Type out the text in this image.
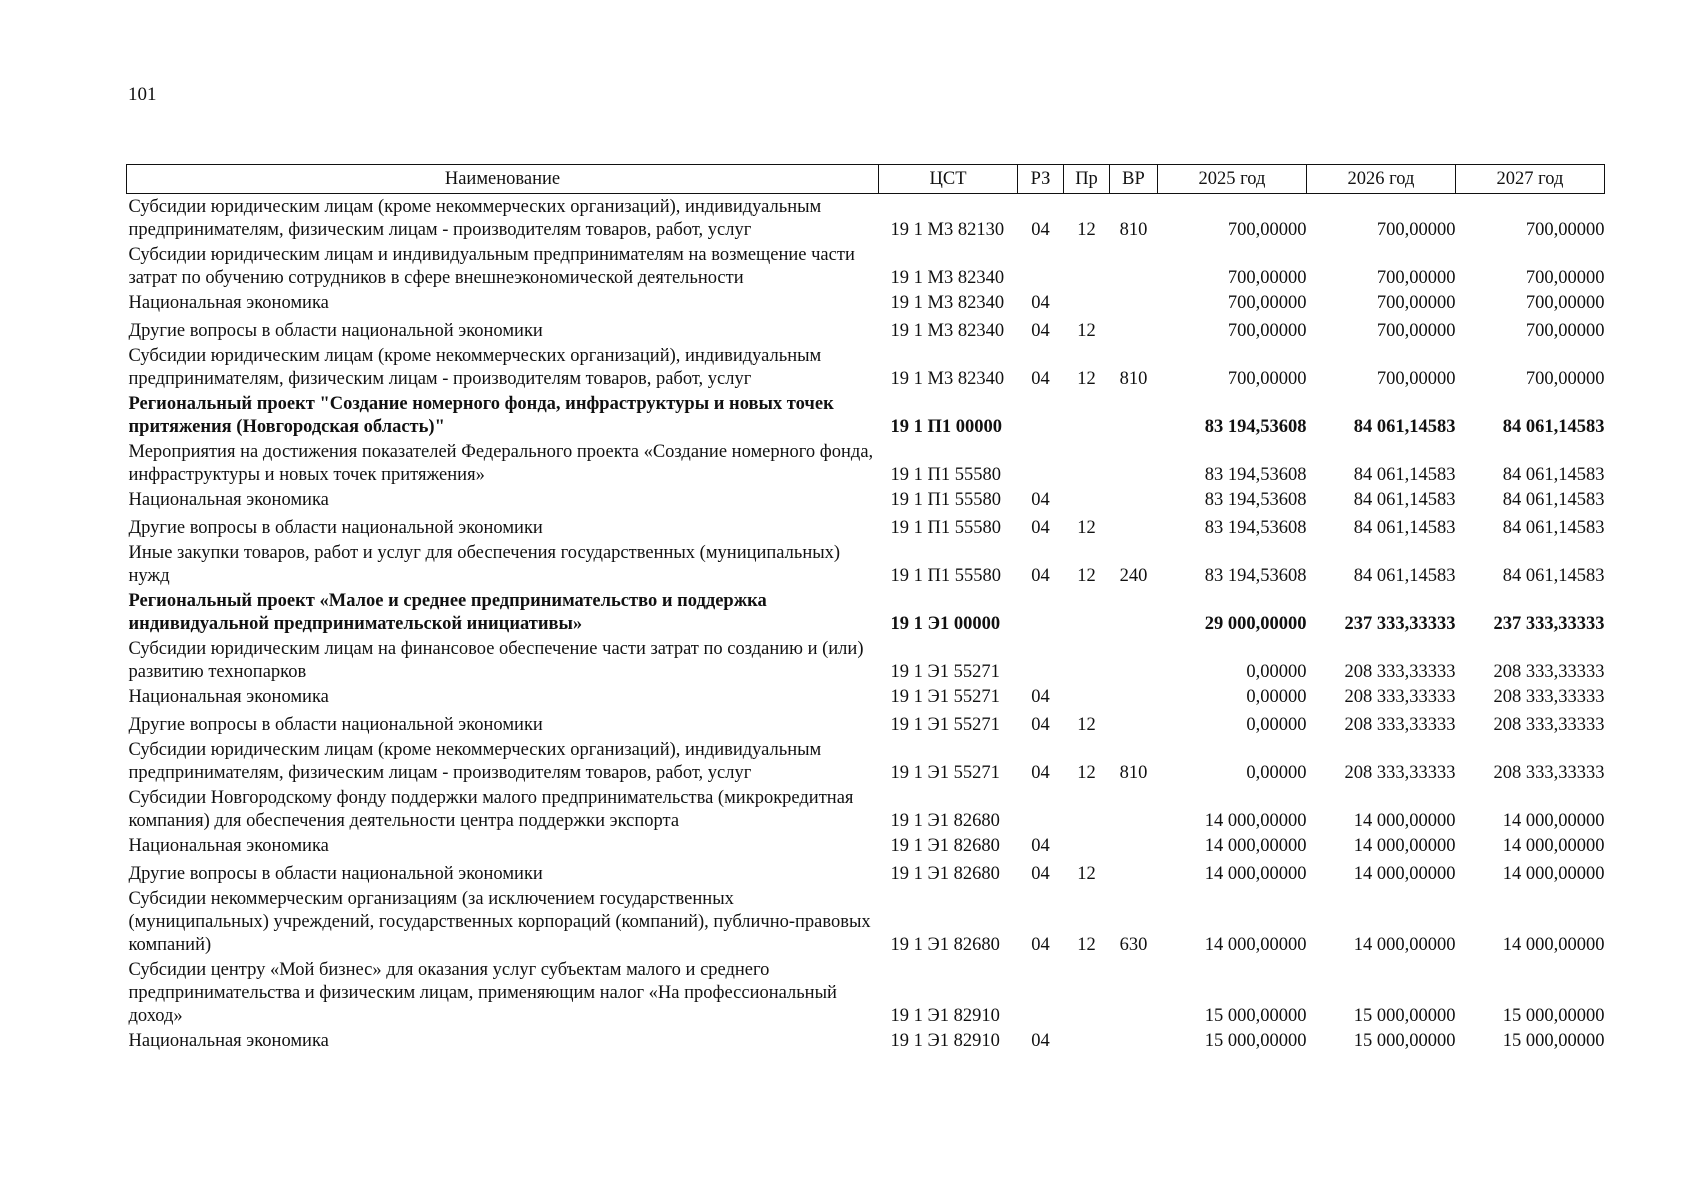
101
Наименование	ЦСТ	РЗ	Пр	ВР	2025 год	2026 год	2027 год
Субсидии юридическим лицам (кроме некоммерческих организаций), индивидуальным предпринимателям, физическим лицам - производителям товаров, работ, услуг	19 1 М3 82130	04	12	810	700,00000	700,00000	700,00000
Субсидии юридическим лицам и индивидуальным предпринимателям на возмещение части затрат по обучению сотрудников в сфере внешнеэкономической деятельности	19 1 М3 82340				700,00000	700,00000	700,00000
Национальная экономика	19 1 М3 82340	04			700,00000	700,00000	700,00000
Другие вопросы в области национальной экономики	19 1 М3 82340	04	12		700,00000	700,00000	700,00000
Субсидии юридическим лицам (кроме некоммерческих организаций), индивидуальным предпринимателям, физическим лицам - производителям товаров, работ, услуг	19 1 М3 82340	04	12	810	700,00000	700,00000	700,00000
Региональный проект "Создание номерного фонда, инфраструктуры и новых точек притяжения (Новгородская область)"	19 1 П1 00000				83 194,53608	84 061,14583	84 061,14583
Мероприятия на достижения показателей Федерального проекта «Создание номерного фонда, инфраструктуры и новых точек притяжения»	19 1 П1 55580				83 194,53608	84 061,14583	84 061,14583
Национальная экономика	19 1 П1 55580	04			83 194,53608	84 061,14583	84 061,14583
Другие вопросы в области национальной экономики	19 1 П1 55580	04	12		83 194,53608	84 061,14583	84 061,14583
Иные закупки товаров, работ и услуг для обеспечения государственных (муниципальных) нужд	19 1 П1 55580	04	12	240	83 194,53608	84 061,14583	84 061,14583
Региональный проект «Малое и среднее предпринимательство и поддержка индивидуальной предпринимательской инициативы»	19 1 Э1 00000				29 000,00000	237 333,33333	237 333,33333
Субсидии юридическим лицам на финансовое обеспечение части затрат по созданию и (или) развитию технопарков	19 1 Э1 55271				0,00000	208 333,33333	208 333,33333
Национальная экономика	19 1 Э1 55271	04			0,00000	208 333,33333	208 333,33333
Другие вопросы в области национальной экономики	19 1 Э1 55271	04	12		0,00000	208 333,33333	208 333,33333
Субсидии юридическим лицам (кроме некоммерческих организаций), индивидуальным предпринимателям, физическим лицам - производителям товаров, работ, услуг	19 1 Э1 55271	04	12	810	0,00000	208 333,33333	208 333,33333
Субсидии Новгородскому фонду поддержки малого предпринимательства (микрокредитная компания) для обеспечения деятельности центра поддержки экспорта	19 1 Э1 82680				14 000,00000	14 000,00000	14 000,00000
Национальная экономика	19 1 Э1 82680	04			14 000,00000	14 000,00000	14 000,00000
Другие вопросы в области национальной экономики	19 1 Э1 82680	04	12		14 000,00000	14 000,00000	14 000,00000
Субсидии некоммерческим организациям (за исключением государственных (муниципальных) учреждений, государственных корпораций (компаний), публично-правовых компаний)	19 1 Э1 82680	04	12	630	14 000,00000	14 000,00000	14 000,00000
Субсидии центру «Мой бизнес» для оказания услуг субъектам малого и среднего предпринимательства и физическим лицам, применяющим налог «На профессиональный доход»	19 1 Э1 82910				15 000,00000	15 000,00000	15 000,00000
Национальная экономика	19 1 Э1 82910	04			15 000,00000	15 000,00000	15 000,00000
